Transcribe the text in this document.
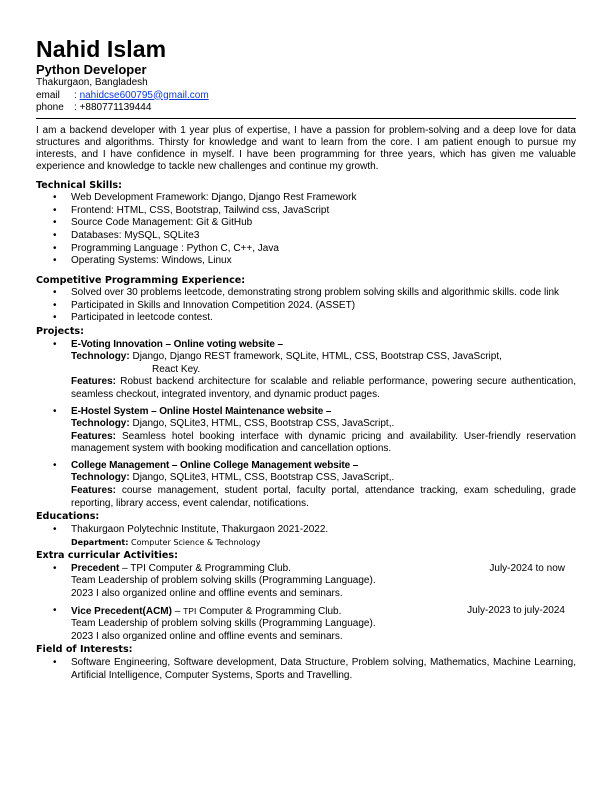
Nahid Islam
Python Developer
Thakurgaon, Bangladesh
email : nahidcse600795@gmail.com
phone : +880771139444

I am a backend developer with 1 year plus of expertise, I have a passion for problem-solving and a deep love for data structures and algorithms. Thirsty for knowledge and want to learn from the core. I am patient enough to pursue my interests, and I have confidence in myself. I have been programming for three years, which has given me valuable experience and knowledge to tackle new challenges and continue my growth.

Technical Skills:
• Web Development Framework: Django, Django Rest Framework
• Frontend: HTML, CSS, Bootstrap, Tailwind css, JavaScript
• Source Code Management: Git & GitHub
• Databases: MySQL, SQLite3
• Programming Language : Python C, C++, Java
• Operating Systems: Windows, Linux
Competitive Programming Experience:
• Solved over 30 problems leetcode, demonstrating strong problem solving skills and algorithmic skills. code link
• Participated in Skills and Innovation Competition 2024. (ASSET)
• Participated in leetcode contest.
Projects:
• E-Voting Innovation – Online voting website –
Technology: Django, Django REST framework, SQLite, HTML, CSS, Bootstrap CSS, JavaScript,
React Key.
Features: Robust backend architecture for scalable and reliable performance, powering secure authentication, seamless checkout, integrated inventory, and dynamic product pages.
• E-Hostel System – Online Hostel Maintenance website –
Technology: Django, SQLite3, HTML, CSS, Bootstrap CSS, JavaScript,.
Features: Seamless hotel booking interface with dynamic pricing and availability. User-friendly reservation management system with booking modification and cancellation options.
• College Management – Online College Management website –
Technology: Django, SQLite3, HTML, CSS, Bootstrap CSS, JavaScript,.
Features: course management, student portal, faculty portal, attendance tracking, exam scheduling, grade reporting, library access, event calendar, notifications.
Educations:
• Thakurgaon Polytechnic Institute, Thakurgaon 2021-2022.
Department: Computer Science & Technology
Extra curricular Activities:
• Precedent – TPI Computer & Programming Club.	July-2024 to now
Team Leadership of problem solving skills (Programming Language).
2023 I also organized online and offline events and seminars.
• Vice Precedent(ACM) – TPI Computer & Programming Club.	July-2023 to july-2024
Team Leadership of problem solving skills (Programming Language).
2023 I also organized online and offline events and seminars.
Field of Interests:
• Software Engineering, Software development, Data Structure, Problem solving, Mathematics, Machine Learning, Artificial Intelligence, Computer Systems, Sports and Travelling.
